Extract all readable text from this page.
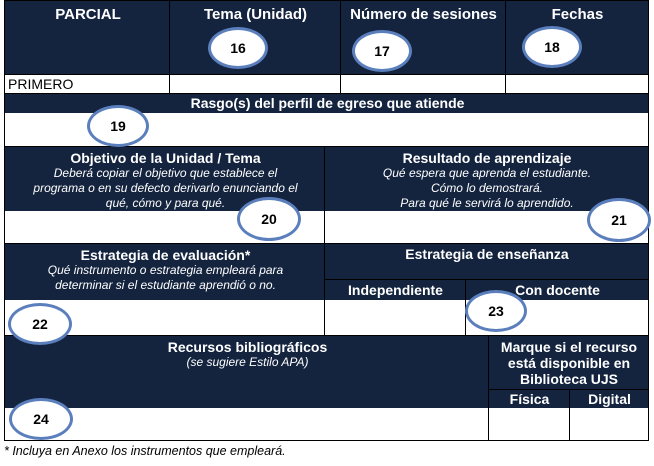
PARCIAL	Tema (Unidad)	Número de sesiones	Fechas
PRIMERO
Rasgo(s) del perfil de egreso que atiende
Objetivo de la Unidad / Tema
Deberá copiar el objetivo que establece el
programa o en su defecto derivarlo enunciando el
qué, cómo y para qué.
Resultado de aprendizaje
Qué espera que aprenda el estudiante.
Cómo lo demostrará.
Para qué le servirá lo aprendido.
Estrategia de evaluación*
Qué instrumento o estrategia empleará para
determinar si el estudiante aprendió o no.
Estrategia de enseñanza
Independiente	Con docente
Recursos bibliográficos
(se sugiere Estilo APA)
Marque si el recurso
está disponible en
Biblioteca UJS
Física	Digital
* Incluya en Anexo los instrumentos que empleará.
16	17	18
19
20	21
22
23
24
